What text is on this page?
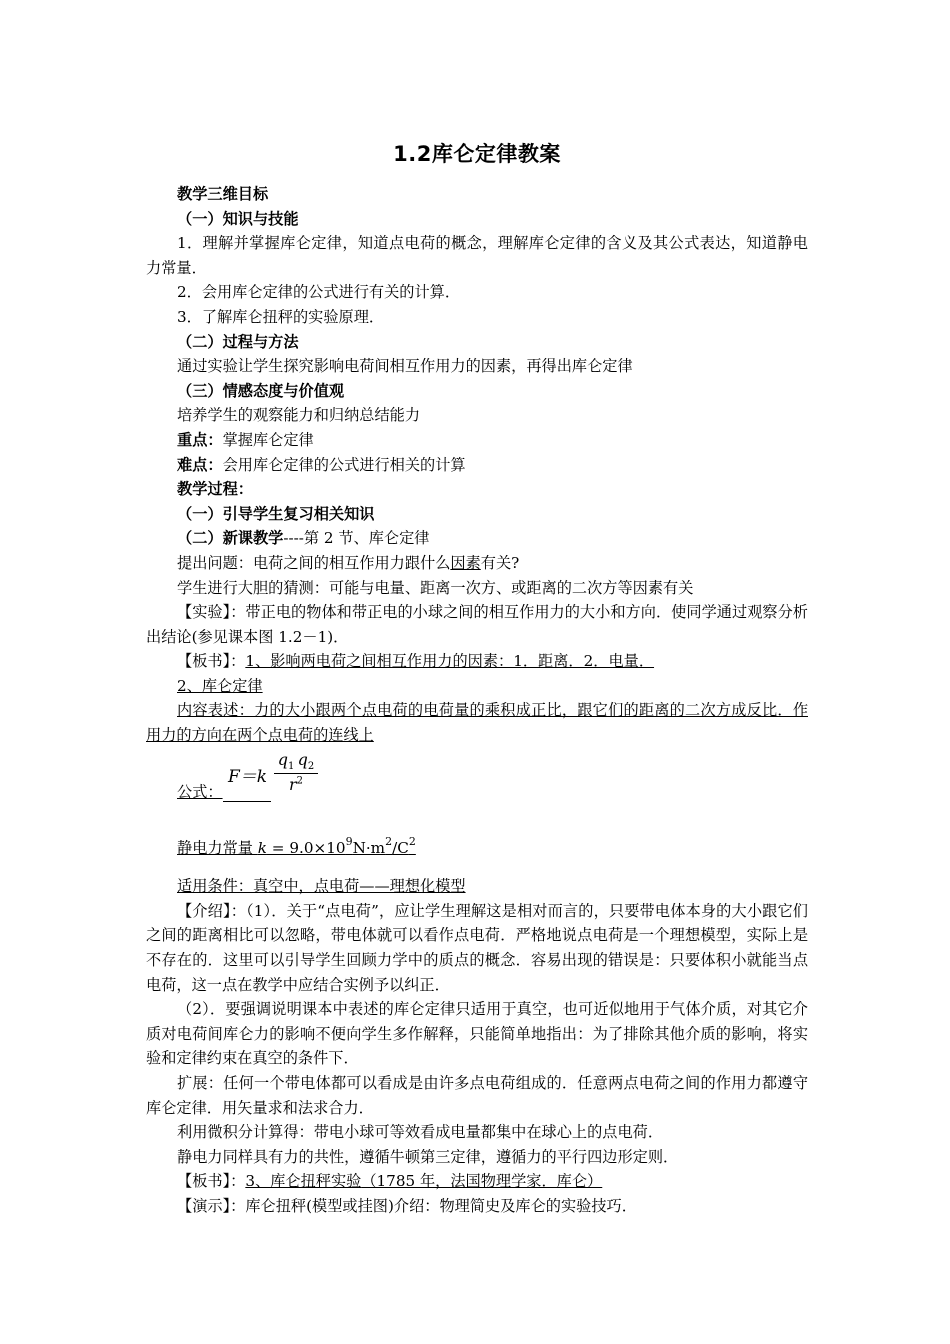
1.2库仑定律教案

教学三维目标

（一）知识与技能

1．理解并掌握库仑定律，知道点电荷的概念，理解库仑定律的含义及其公式表达，知道静电力常量．

2．会用库仑定律的公式进行有关的计算．

3．了解库仑扭秤的实验原理．

（二）过程与方法

通过实验让学生探究影响电荷间相互作用力的因素，再得出库仑定律

（三）情感态度与价值观

培养学生的观察能力和归纳总结能力

重点：掌握库仑定律

难点：会用库仑定律的公式进行相关的计算

教学过程：

（一）引导学生复习相关知识

（二）新课教学----第 2 节、库仑定律

提出问题：电荷之间的相互作用力跟什么因素有关?

学生进行大胆的猜测：可能与电量、距离一次方、或距离的二次方等因素有关

【实验】：带正电的物体和带正电的小球之间的相互作用力的大小和方向．使同学通过观察分析出结论(参见课本图 1.2－1)．

【板书】：1、影响两电荷之间相互作用力的因素：1．距离．2．电量．

2、库仑定律

内容表述：力的大小跟两个点电荷的电荷量的乘积成正比，跟它们的距离的二次方成反比．作用力的方向在两个点电荷的连线上

公式：
F＝k
$q_1$  $q_2$
$r^2$

静电力常量 $k = 9.0\times 10^9N\cdot m^2/C^2$

适用条件：真空中，点电荷——理想化模型

【介绍】：（1）．关于“点电荷”，应让学生理解这是相对而言的，只要带电体本身的大小跟它们之间的距离相比可以忽略，带电体就可以看作点电荷．严格地说点电荷是一个理想模型，实际上是不存在的．这里可以引导学生回顾力学中的质点的概念．容易出现的错误是：只要体积小就能当点电荷，这一点在教学中应结合实例予以纠正．

（2）．要强调说明课本中表述的库仑定律只适用于真空，也可近似地用于气体介质，对其它介质对电荷间库仑力的影响不便向学生多作解释，只能简单地指出：为了排除其他介质的影响，将实验和定律约束在真空的条件下．

扩展：任何一个带电体都可以看成是由许多点电荷组成的．任意两点电荷之间的作用力都遵守库仑定律．用矢量求和法求合力．

利用微积分计算得：带电小球可等效看成电量都集中在球心上的点电荷．

静电力同样具有力的共性，遵循牛顿第三定律，遵循力的平行四边形定则．

【板书】：3、库仑扭秤实验（1785 年，法国物理学家．库仑）

【演示】：库仑扭秤(模型或挂图)介绍：物理简史及库仑的实验技巧．
